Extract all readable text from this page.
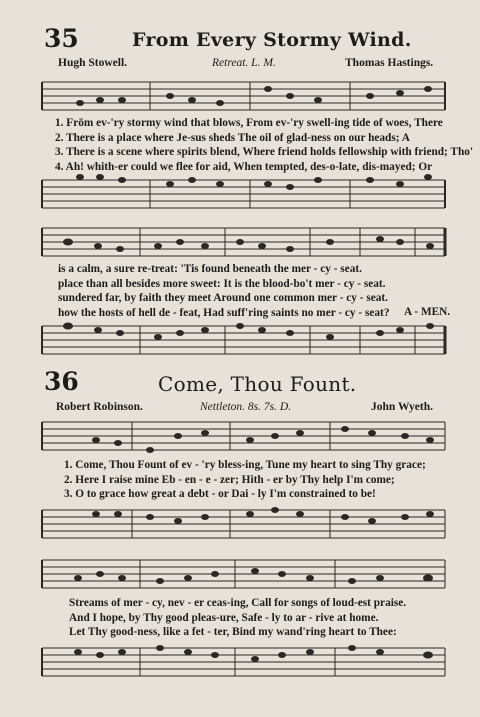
35	From Every Stormy Wind.
Hugh Stowell.	Retreat. L. M.	Thomas Hastings.
1. Frōm ev-'ry stormy wind that blows, From ev-'ry swell-ing tide of woes, There
2. There is a place where Je-sus sheds The oil of glad-ness on our heads; A
3. There is a scene where spirits blend, Where friend holds fellowship with friend; Tho'
4. Ah! whith-er could we flee for aid, When tempted, des-o-late, dis-mayed; Or
is a calm, a sure re-treat: 'Tis found beneath the mer - cy - seat.
place than all besides more sweet: It is the blood-bo't mer - cy - seat.
sundered far, by faith they meet Around one common mer - cy - seat.
how the hosts of hell de - feat, Had suff'ring saints no mer - cy - seat? A - MEN.
36	Come, Thou Fount.
Robert Robinson.	Nettleton. 8s. 7s. D.	John Wyeth.
1. Come, Thou Fount of ev - 'ry bless-ing, Tune my heart to sing Thy grace;
2. Here I raise mine Eb - en - e - zer; Hith - er by Thy help I'm come;
3. O to grace how great a debt - or Dai - ly I'm constrained to be!
Streams of mer - cy, nev - er ceas-ing, Call for songs of loud-est praise.
And I hope, by Thy good pleas-ure, Safe - ly to ar - rive at home.
Let Thy good-ness, like a fet - ter, Bind my wand'ring heart to Thee:
